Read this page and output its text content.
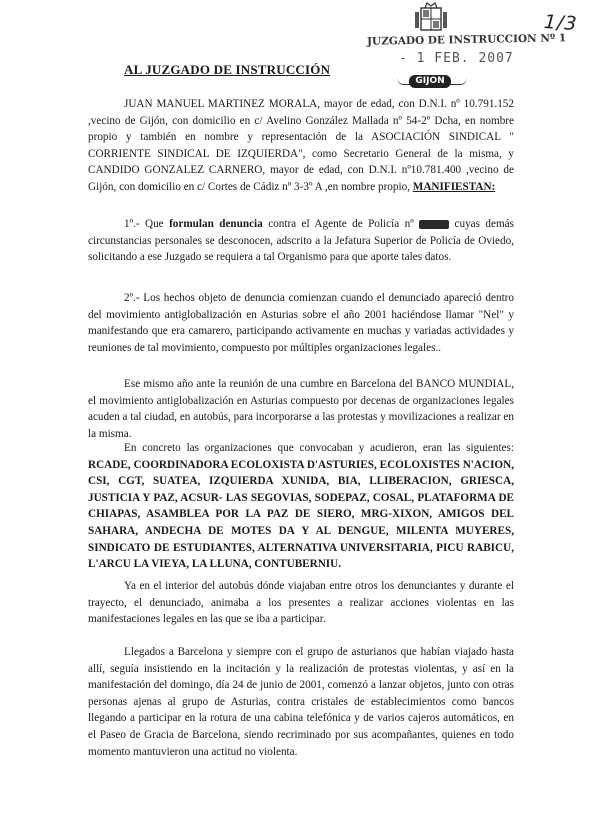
1/3
JUZGADO DE INSTRUCCION Nº 1
- 1 FEB. 2007
GIJON
AL JUZGADO DE INSTRUCCIÓN
JUAN MANUEL MARTINEZ MORALA, mayor de edad, con D.N.I. nº 10.791.152 ,vecino de Gijón, con domicilio en c/ Avelino González Mallada nº 54-2º Dcha, en nombre propio y también en nombre y representación de la ASOCIACIÓN SINDICAL " CORRIENTE SINDICAL DE IZQUIERDA", como Secretario General de la misma, y CANDIDO GONZALEZ CARNERO, mayor de edad, con D.N.I. nº10.781.400 ,vecino de Gijón, con domicilio en c/ Cortes de Cádiz nº 3-3º A ,en nombre propio, MANIFIESTAN:
1º.- Que formulan denuncia contra el Agente de Policía nº	cuyas demás circunstancias personales se desconocen, adscrito a la Jefatura Superior de Policía de Oviedo, solicitando a ese Juzgado se requiera a tal Organismo para que aporte tales datos.
2º.- Los hechos objeto de denuncia comienzan cuando el denunciado apareció dentro del movimiento antiglobalización en Asturias sobre el año 2001 haciéndose llamar "Nel" y manifestando que era camarero, participando activamente en muchas y variadas actividades y reuniones de tal movimiento, compuesto por múltiples organizaciones legales..
Ese mismo año ante la reunión de una cumbre en Barcelona del BANCO MUNDIAL, el movimiento antiglobalización en Asturias compuesto por decenas de organizaciones legales acuden a tal ciudad, en autobús, para incorporarse a las protestas y movilizaciones a realizar en la misma.
En concreto las organizaciones que convocaban y acudieron, eran las siguientes: RCADE, COORDINADORA ECOLOXISTA D'ASTURIES, ECOLOXISTES N'ACION, CSI, CGT, SUATEA, IZQUIERDA XUNIDA, BIA, LLIBERACION, GRIESCA, JUSTICIA Y PAZ, ACSUR- LAS SEGOVIAS, SODEPAZ, COSAL, PLATAFORMA DE CHIAPAS, ASAMBLEA POR LA PAZ DE SIERO, MRG-XIXON, AMIGOS DEL SAHARA, ANDECHA DE MOTES DA Y AL DENGUE, MILENTA MUYERES, SINDICATO DE ESTUDIANTES, ALTERNATIVA UNIVERSITARIA, PICU RABICU, L'ARCU LA VIEYA, LA LLUNA, CONTUBERNIU.
Ya en el interior del autobús dónde viajaban entre otros los denunciantes y durante el trayecto, el denunciado, animaba a los presentes a realizar acciones violentas en las manifestaciones legales en las que se iba a participar.
Llegados a Barcelona y siempre con el grupo de asturianos que habían viajado hasta allí, seguía insistiendo en la incitación y la realización de protestas violentas, y así en la manifestación del domingo, día 24 de junio de 2001, comenzó a lanzar objetos, junto con otras personas ajenas al grupo de Asturias, contra cristales de establecimientos como bancos llegando a participar en la rotura de una cabina telefónica y de varios cajeros automáticos, en el Paseo de Gracia de Barcelona, siendo recriminado por sus acompañantes, quienes en todo momento mantuvieron una actitud no violenta.
